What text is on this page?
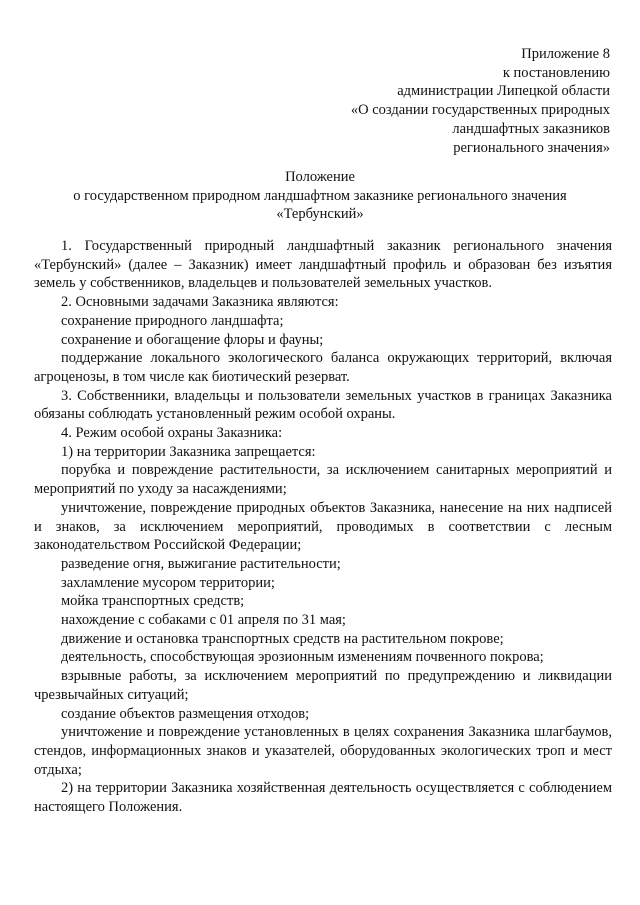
Приложение 8
к постановлению
администрации Липецкой области
«О создании государственных природных
ландшафтных заказников
регионального значения»
Положение
о государственном природном ландшафтном заказнике регионального значения
«Тербунский»
1. Государственный природный ландшафтный заказник регионального значения «Тербунский» (далее – Заказник) имеет ландшафтный профиль и образован без изъятия земель у собственников, владельцев и пользователей земельных участков.
2. Основными задачами Заказника являются:
сохранение природного ландшафта;
сохранение и обогащение флоры и фауны;
поддержание локального экологического баланса окружающих территорий, включая агроценозы, в том числе как биотический резерват.
3. Собственники, владельцы и пользователи земельных участков в границах Заказника обязаны соблюдать установленный режим особой охраны.
4. Режим особой охраны Заказника:
1) на территории Заказника запрещается:
порубка и повреждение растительности, за исключением санитарных мероприятий и мероприятий по уходу за насаждениями;
уничтожение, повреждение природных объектов Заказника, нанесение на них надписей и знаков, за исключением мероприятий, проводимых в соответствии с лесным законодательством Российской Федерации;
разведение огня, выжигание растительности;
захламление мусором территории;
мойка транспортных средств;
нахождение с собаками с 01 апреля по 31 мая;
движение и остановка транспортных средств на растительном покрове;
деятельность, способствующая эрозионным изменениям почвенного покрова;
взрывные работы, за исключением мероприятий по предупреждению и ликвидации чрезвычайных ситуаций;
создание объектов размещения отходов;
уничтожение и повреждение установленных в целях сохранения Заказника шлагбаумов, стендов, информационных знаков и указателей, оборудованных экологических троп и мест отдыха;
2) на территории Заказника хозяйственная деятельность осуществляется с соблюдением настоящего Положения.
